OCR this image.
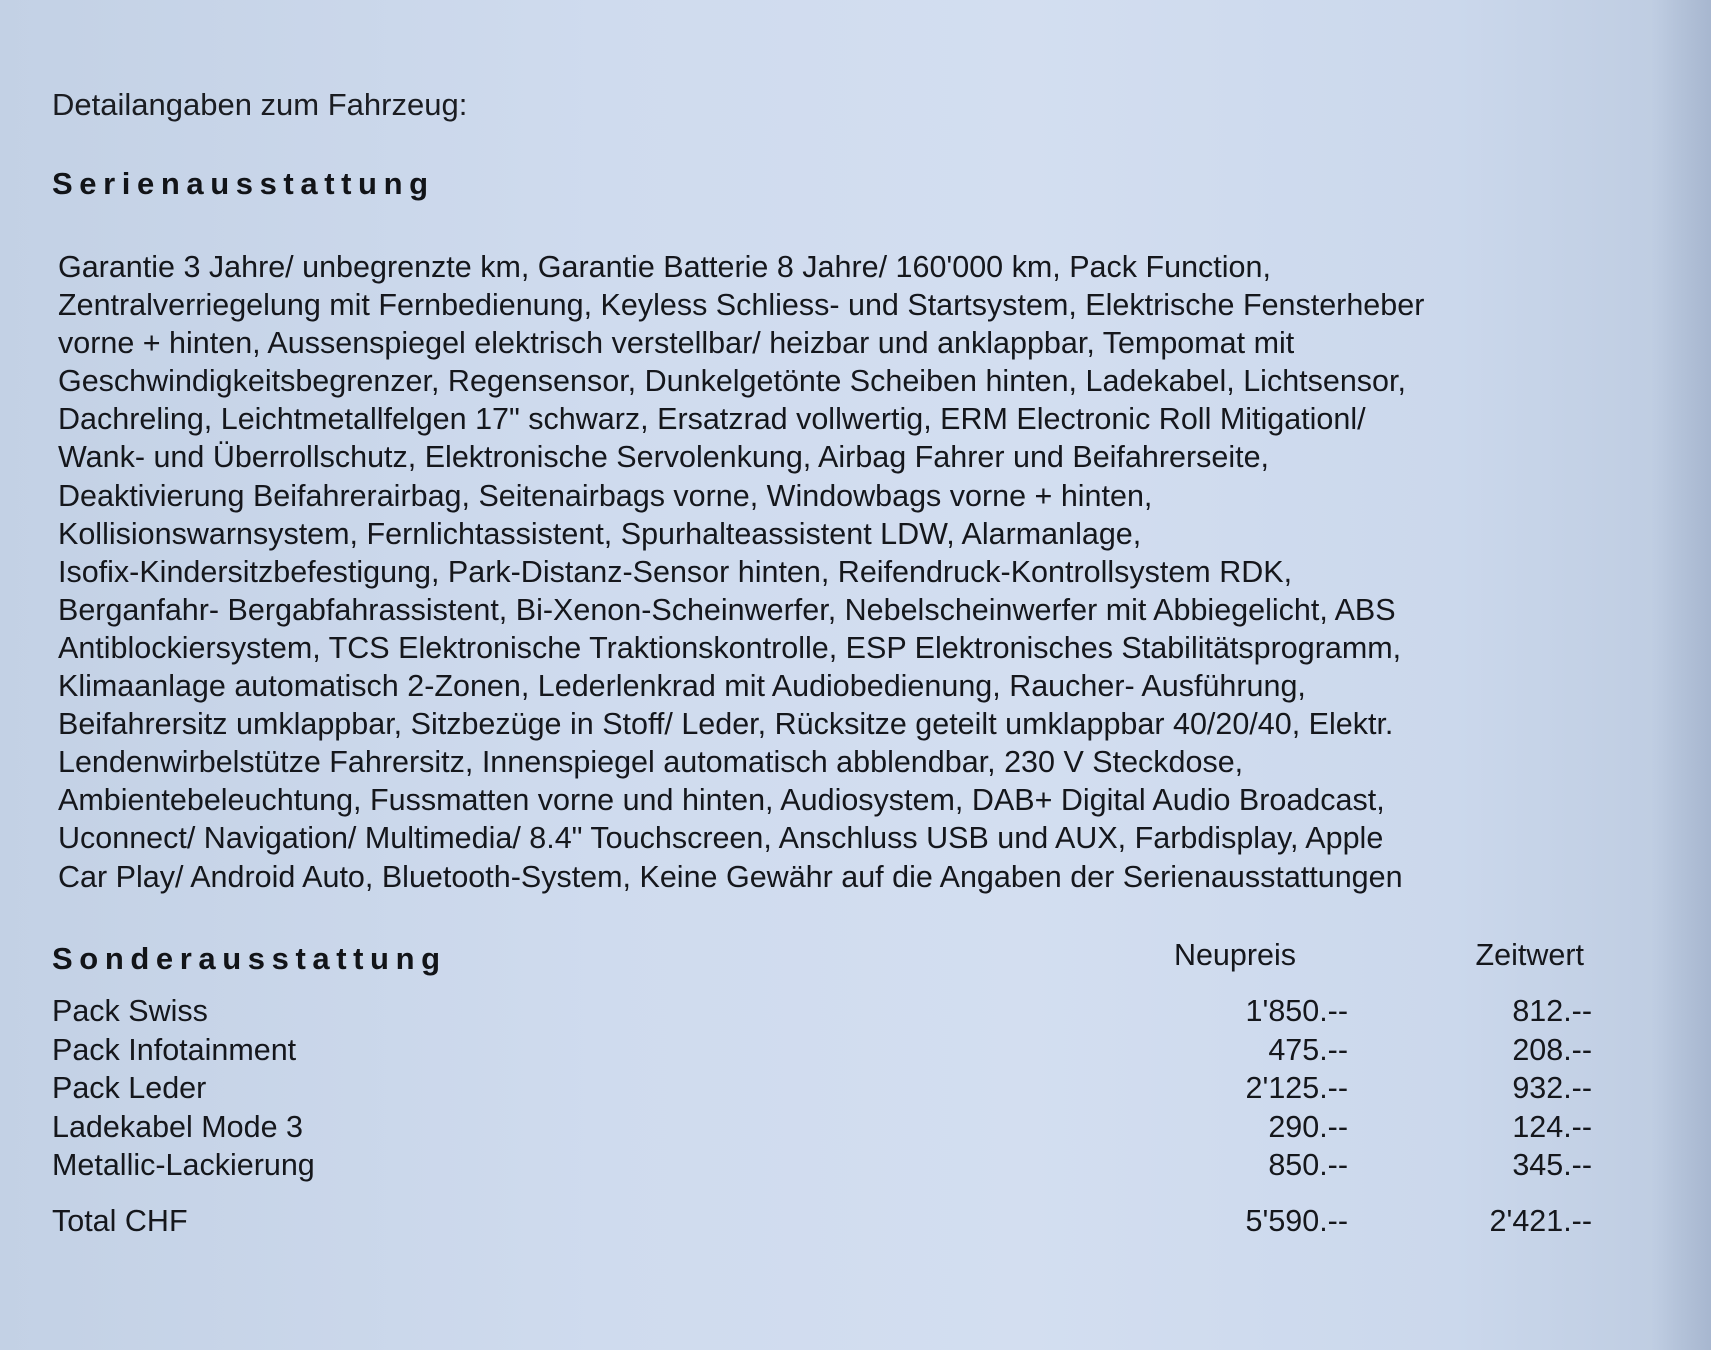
Detailangaben zum Fahrzeug:
Serienausstattung
Garantie 3 Jahre/ unbegrenzte km, Garantie Batterie 8 Jahre/ 160'000 km, Pack Function,
Zentralverriegelung mit Fernbedienung, Keyless Schliess- und Startsystem, Elektrische Fensterheber
vorne + hinten, Aussenspiegel elektrisch verstellbar/ heizbar und anklappbar, Tempomat mit
Geschwindigkeitsbegrenzer, Regensensor, Dunkelgetönte Scheiben hinten, Ladekabel, Lichtsensor,
Dachreling, Leichtmetallfelgen 17" schwarz, Ersatzrad vollwertig, ERM Electronic Roll Mitigationl/
Wank- und Überrollschutz, Elektronische Servolenkung, Airbag Fahrer und Beifahrerseite,
Deaktivierung Beifahrerairbag, Seitenairbags vorne, Windowbags vorne + hinten,
Kollisionswarnsystem, Fernlichtassistent, Spurhalteassistent LDW, Alarmanlage,
Isofix-Kindersitzbefestigung, Park-Distanz-Sensor hinten, Reifendruck-Kontrollsystem RDK,
Berganfahr- Bergabfahrassistent, Bi-Xenon-Scheinwerfer, Nebelscheinwerfer mit Abbiegelicht, ABS
Antiblockiersystem, TCS Elektronische Traktionskontrolle, ESP Elektronisches Stabilitätsprogramm,
Klimaanlage automatisch 2-Zonen, Lederlenkrad mit Audiobedienung, Raucher- Ausführung,
Beifahrersitz umklappbar, Sitzbezüge in Stoff/ Leder, Rücksitze geteilt umklappbar 40/20/40, Elektr.
Lendenwirbelstütze Fahrersitz, Innenspiegel automatisch abblendbar, 230 V Steckdose,
Ambientebeleuchtung, Fussmatten vorne und hinten, Audiosystem, DAB+ Digital Audio Broadcast,
Uconnect/ Navigation/ Multimedia/ 8.4" Touchscreen, Anschluss USB und AUX, Farbdisplay, Apple
Car Play/ Android Auto, Bluetooth-System, Keine Gewähr auf die Angaben der Serienausstattungen
Sonderausstattung	Neupreis	Zeitwert
Pack Swiss	1'850.--	812.--
Pack Infotainment	475.--	208.--
Pack Leder	2'125.--	932.--
Ladekabel Mode 3	290.--	124.--
Metallic-Lackierung	850.--	345.--
Total CHF	5'590.--	2'421.--
